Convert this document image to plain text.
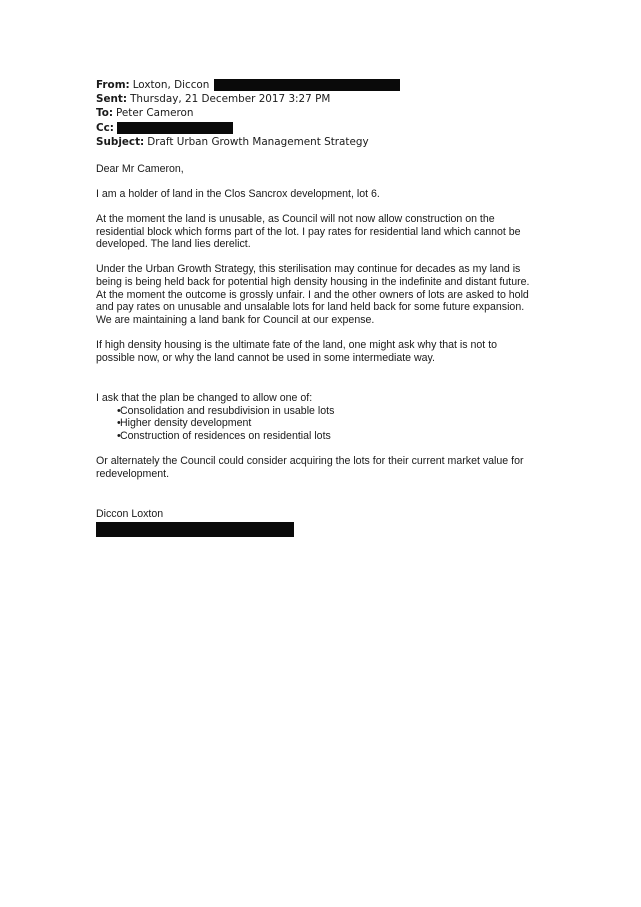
From: Loxton, Diccon
Sent: Thursday, 21 December 2017 3:27 PM
To: Peter Cameron
Cc:
Subject: Draft Urban Growth Management Strategy

Dear Mr Cameron,

I am a holder of land in the Clos Sancrox development, lot 6.

At the moment the land is unusable, as Council will not now allow construction on the

residential block which forms part of the lot. I pay rates for residential land which cannot be

developed. The land lies derelict.

Under the Urban Growth Strategy, this sterilisation may continue for decades as my land is

being is being held back for potential high density housing in the indefinite and distant future.

At the moment the outcome is grossly unfair. I and the other owners of lots are asked to hold

and pay rates on unusable and unsalable lots for land held back for some future expansion.

We are maintaining a land bank for Council at our expense.

If high density housing is the ultimate fate of the land, one might ask why that is not to

possible now, or why the land cannot be used in some intermediate way.

I ask that the plan be changed to allow one of:

• Consolidation and resubdivision in usable lots
• Higher density development
• Construction of residences on residential lots

Or alternately the Council could consider acquiring the lots for their current market value for

redevelopment.

Diccon Loxton
